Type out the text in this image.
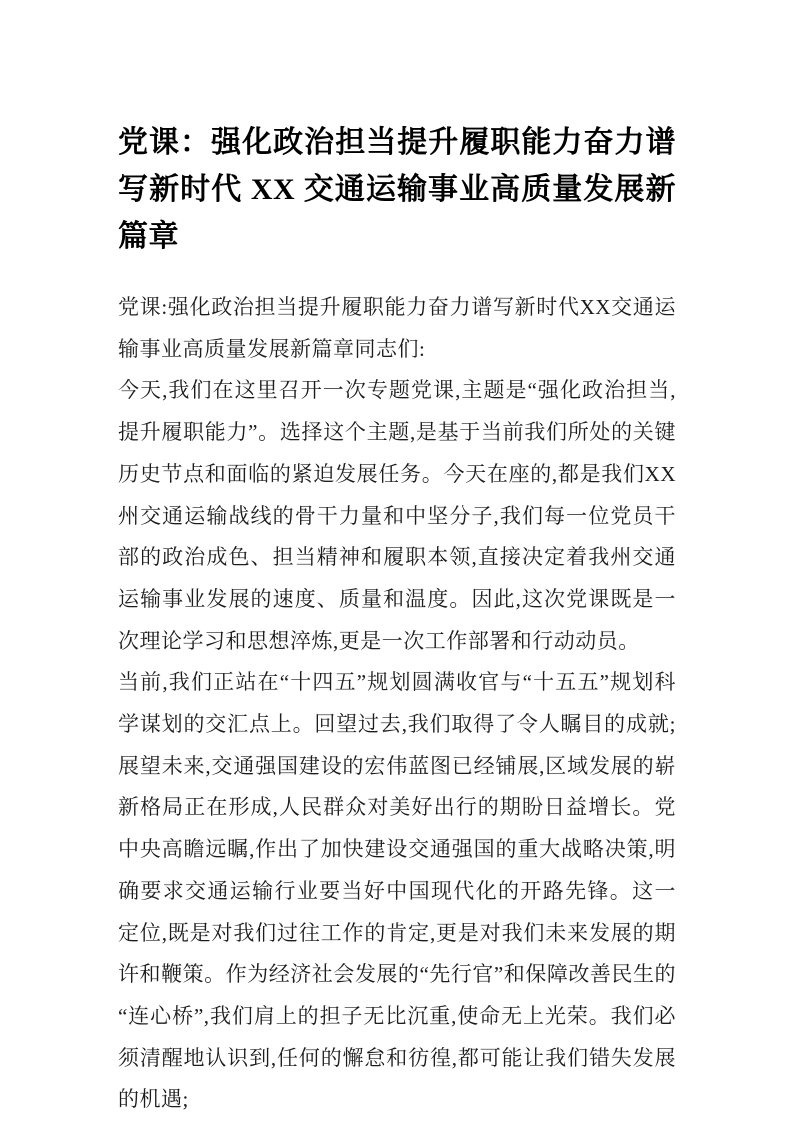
党课：强化政治担当提升履职能力奋力谱写新时代 XX 交通运输事业高质量发展新篇章

党课:强化政治担当提升履职能力奋力谱写新时代XX交通运输事业高质量发展新篇章同志们:

今天,我们在这里召开一次专题党课,主题是“强化政治担当,提升履职能力”。选择这个主题,是基于当前我们所处的关键历史节点和面临的紧迫发展任务。今天在座的,都是我们XX州交通运输战线的骨干力量和中坚分子,我们每一位党员干部的政治成色、担当精神和履职本领,直接决定着我州交通运输事业发展的速度、质量和温度。因此,这次党课既是一次理论学习和思想淬炼,更是一次工作部署和行动动员。

当前,我们正站在“十四五”规划圆满收官与“十五五”规划科学谋划的交汇点上。回望过去,我们取得了令人瞩目的成就;展望未来,交通强国建设的宏伟蓝图已经铺展,区域发展的崭新格局正在形成,人民群众对美好出行的期盼日益增长。党中央高瞻远瞩,作出了加快建设交通强国的重大战略决策,明确要求交通运输行业要当好中国现代化的开路先锋。这一定位,既是对我们过往工作的肯定,更是对我们未来发展的期许和鞭策。作为经济社会发展的“先行官”和保障改善民生的“连心桥”,我们肩上的担子无比沉重,使命无上光荣。我们必须清醒地认识到,任何的懈怠和彷徨,都可能让我们错失发展的机遇;
